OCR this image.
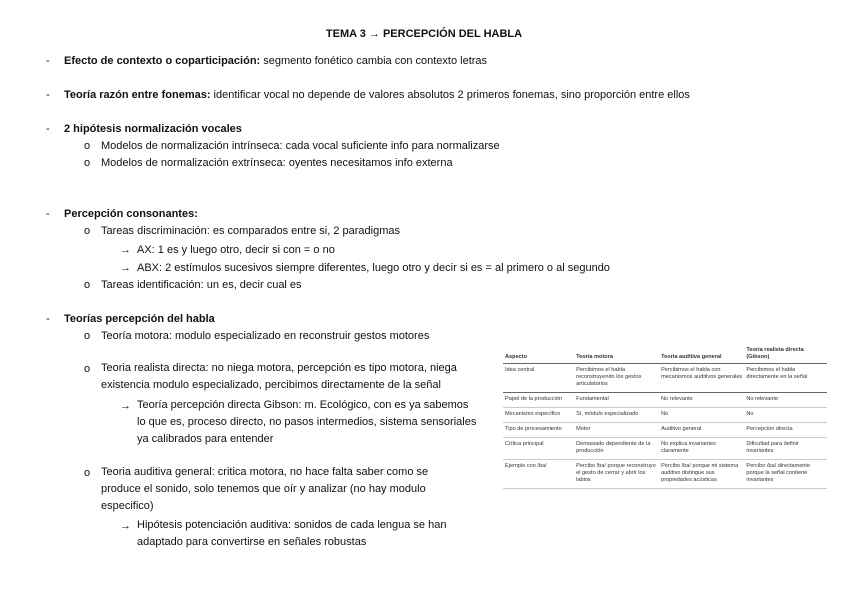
TEMA 3 → PERCEPCIÓN DEL HABLA
- Efecto de contexto o coparticipación: segmento fonético cambia con contexto letras
- Teoría razón entre fonemas: identificar vocal no depende de valores absolutos 2 primeros fonemas, sino proporción entre ellos
- 2 hipótesis normalización vocales
o Modelos de normalización intrínseca: cada vocal suficiente info para normalizarse
o Modelos de normalización extrínseca: oyentes necesitamos info externa
- Percepción consonantes:
o Tareas discriminación: es comparados entre si, 2 paradigmas
→ AX: 1 es y luego otro, decir si con = o no
→ ABX: 2 estímulos sucesivos siempre diferentes, luego otro y decir si es = al primero o al segundo
o Tareas identificación: un es, decir cual es
- Teorías percepción del habla
o Teoría motora: modulo especializado en reconstruir gestos motores
o Teoria realista directa: no niega motora, percepción es tipo motora, niega existencia modulo especializado, percibimos directamente de la señal
→ Teoría percepción directa Gibson: m. Ecológico, con es ya sabemos lo que es, proceso directo, no pasos intermedios, sistema sensoriales ya calibrados para entender
o Teoria auditiva general: critica motora, no hace falta saber como se produce el sonido, solo tenemos que oír y analizar (no hay modulo especifico)
→ Hipótesis potenciación auditiva: sonidos de cada lengua se han adaptado para convertirse en señales robustas
Aspecto	Teoría motora	Teoría auditiva general	Teoría realista directa (Gibson)
Idea central	Percibimos el habla reconstruyendo los gestos articulatorios	Percibimos el habla con mecanismos auditivos generales	Percibimos el habla directamente en la señal
Papel de la producción	Fundamental	No relevante	No relevante
Mecanismo específico	Sí, módulo especializado	No	No
Tipo de procesamiento	Motor	Auditivo general	Percepción directa
Crítica principal	Demasiado dependiente de la producción	No explica invariantes claramente	Dificultad para definir invariantes
Ejemplo con /ba/	Percibo /ba/ porque reconstruyo el gesto de cerrar y abrir los labios	Percibo /ba/ porque mi sistema auditivo distingue sus propiedades acústicas	Percibo /ba/ directamente porque la señal contiene invariantes
